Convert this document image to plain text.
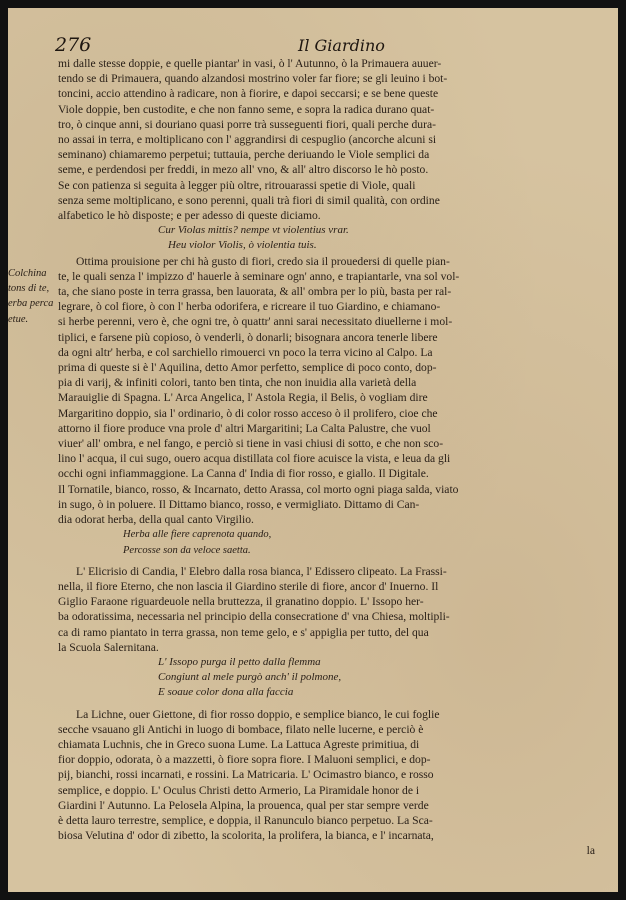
276	Il Giardino
Colchina
tons di te,
erba perca
etue.
mi dalle stesse doppie, e quelle piantar' in vasi, ò l' Autunno, ò la Primauera auuer-
tendo se di Primauera, quando alzandosi mostrino voler far fiore; se gli leuino i bot-
toncini, accio attendino à radicare, non à fiorire, e dapoi seccarsi; e se bene queste
Viole doppie, ben custodite, e che non fanno seme, e sopra la radica durano quat-
tro, ò cinque anni, si douriano quasi porre trà susseguenti fiori, quali perche dura-
no assai in terra, e moltiplicano con l' aggrandirsi di cespuglio (ancorche alcuni si
seminano) chiamaremo perpetui; tuttauia, perche deriuando le Viole semplici da
seme, e perdendosi per freddi, in mezo all' vno, & all' altro discorso le hò posto.
Se con patienza si seguita à legger più oltre, ritrouarassi spetie di Viole, quali
senza seme moltiplicano, e sono perenni, quali trà fiori di simil qualità, con ordine
alfabetico le hò disposte; e per adesso di queste diciamo.
Cur Violas mittis? nempe vt violentius vrar.
Heu violor Violis, ò violentia tuis.
Ottima prouisione per chi hà gusto di fiori, credo sia il prouedersi di quelle pian-
te, le quali senza l' impizzo d' hauerle à seminare ogn' anno, e trapiantarle, vna sol vol-
ta, che siano poste in terra grassa, ben lauorata, & all' ombra per lo più, basta per ral-
legrare, ò col fiore, ò con l' herba odorifera, e ricreare il tuo Giardino, e chiamano-
si herbe perenni, vero è, che ogni tre, ò quattr' anni sarai necessitato diuellerne i mol-
tiplici, e farsene più copioso, ò venderli, ò donarli; bisognara ancora tenerle libere
da ogni altr' herba, e col sarchiello rimouerci vn poco la terra vicino al Calpo. La
prima di queste si è l' Aquilina, detto Amor perfetto, semplice di poco conto, dop-
pia di varij, & infiniti colori, tanto ben tinta, che non inuidia alla varietà della
Marauiglie di Spagna. L' Arca Angelica, l' Astola Regia, il Belis, ò vogliam dire
Margaritino doppio, sia l' ordinario, ò di color rosso acceso ò il prolifero, cioe che
attorno il fiore produce vna prole d' altri Margaritini; La Calta Palustre, che vuol
viuer' all' ombra, e nel fango, e perciò si tiene in vasi chiusi di sotto, e che non sco-
lino l' acqua, il cui sugo, ouero acqua distillata col fiore acuisce la vista, e leua da gli
occhi ogni infiammaggione. La Canna d' India di fior rosso, e giallo. Il Digitale.
Il Tornatile, bianco, rosso, & Incarnato, detto Arassa, col morto ogni piaga salda, viato
in sugo, ò in poluere. Il Dittamo bianco, rosso, e vermigliato. Dittamo di Can-
dia odorat herba, della qual canto Virgilio.
Herba alle fiere caprenota quando,
Percosse son da veloce saetta.
L' Elicrisio di Candia, l' Elebro dalla rosa bianca, l' Edissero clipeato. La Frassi-
nella, il fiore Eterno, che non lascia il Giardino sterile di fiore, ancor d' Inuerno. Il
Giglio Faraone riguardeuole nella bruttezza, il granatino doppio. L' Issopo her-
ba odoratissima, necessaria nel principio della consecratione d' vna Chiesa, moltipli-
ca di ramo piantato in terra grassa, non teme gelo, e s' appiglia per tutto, del qua
la Scuola Salernitana.
L' Issopo purga il petto dalla flemma
Congiunt al mele purgò anch' il polmone,
E soaue color dona alla faccia
La Lichne, ouer Giettone, di fior rosso doppio, e semplice bianco, le cui foglie
secche vsauano gli Antichi in luogo di bombace, filato nelle lucerne, e perciò è
chiamata Luchnis, che in Greco suona Lume. La Lattuca Agreste primitiua, di
fior doppio, odorata, ò a mazzetti, ò fiore sopra fiore. I Maluoni semplici, e dop-
pij, bianchi, rossi incarnati, e rossini. La Matricaria. L' Ocimastro bianco, e rosso
semplice, e doppio. L' Oculus Christi detto Armerio, La Piramidale honor de i
Giardini l' Autunno. La Pelosela Alpina, la prouenca, qual per star sempre verde
è detta lauro terrestre, semplice, e doppia, il Ranunculo bianco perpetuo. La Sca-
biosa Velutina d' odor di zibetto, la scolorita, la prolifera, la bianca, e l' incarnata,
la
